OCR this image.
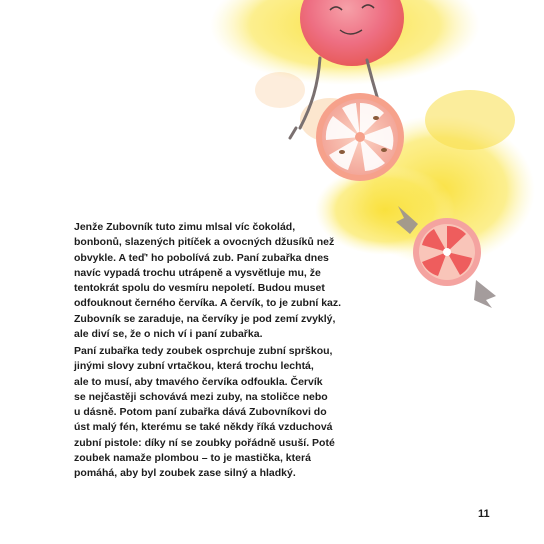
Jenže Zubovník tuto zimu mlsal víc čokolád,

bonbonů, slazených pitíček a ovocných džusíků než

obvykle. A teď' ho pobolívá zub. Paní zubařka dnes

navíc vypadá trochu utrápeně a vysvětluje mu, že

tentokrát spolu do vesmíru nepoletí. Budou muset

odfouknout černého červíka. A červík, to je zubní kaz.

Zubovník se zaraduje, na červíky je pod zemí zvyklý,

ale diví se, že o nich ví i paní zubařka.

Paní zubařka tedy zoubek osprchuje zubní sprškou,

jinými slovy zubní vrtačkou, která trochu lechtá,

ale to musí, aby tmavého červíka odfoukla. Červík

se nejčastěji schovává mezi zuby, na stoličce nebo

u dásně. Potom paní zubařka dává Zubovníkovi do

úst malý fén, kterému se také někdy říká vzduchová

zubní pistole: díky ní se zoubky pořádně usuší. Poté

zoubek namaže plombou – to je mastička, která

pomáhá, aby byl zoubek zase silný a hladký.

11
